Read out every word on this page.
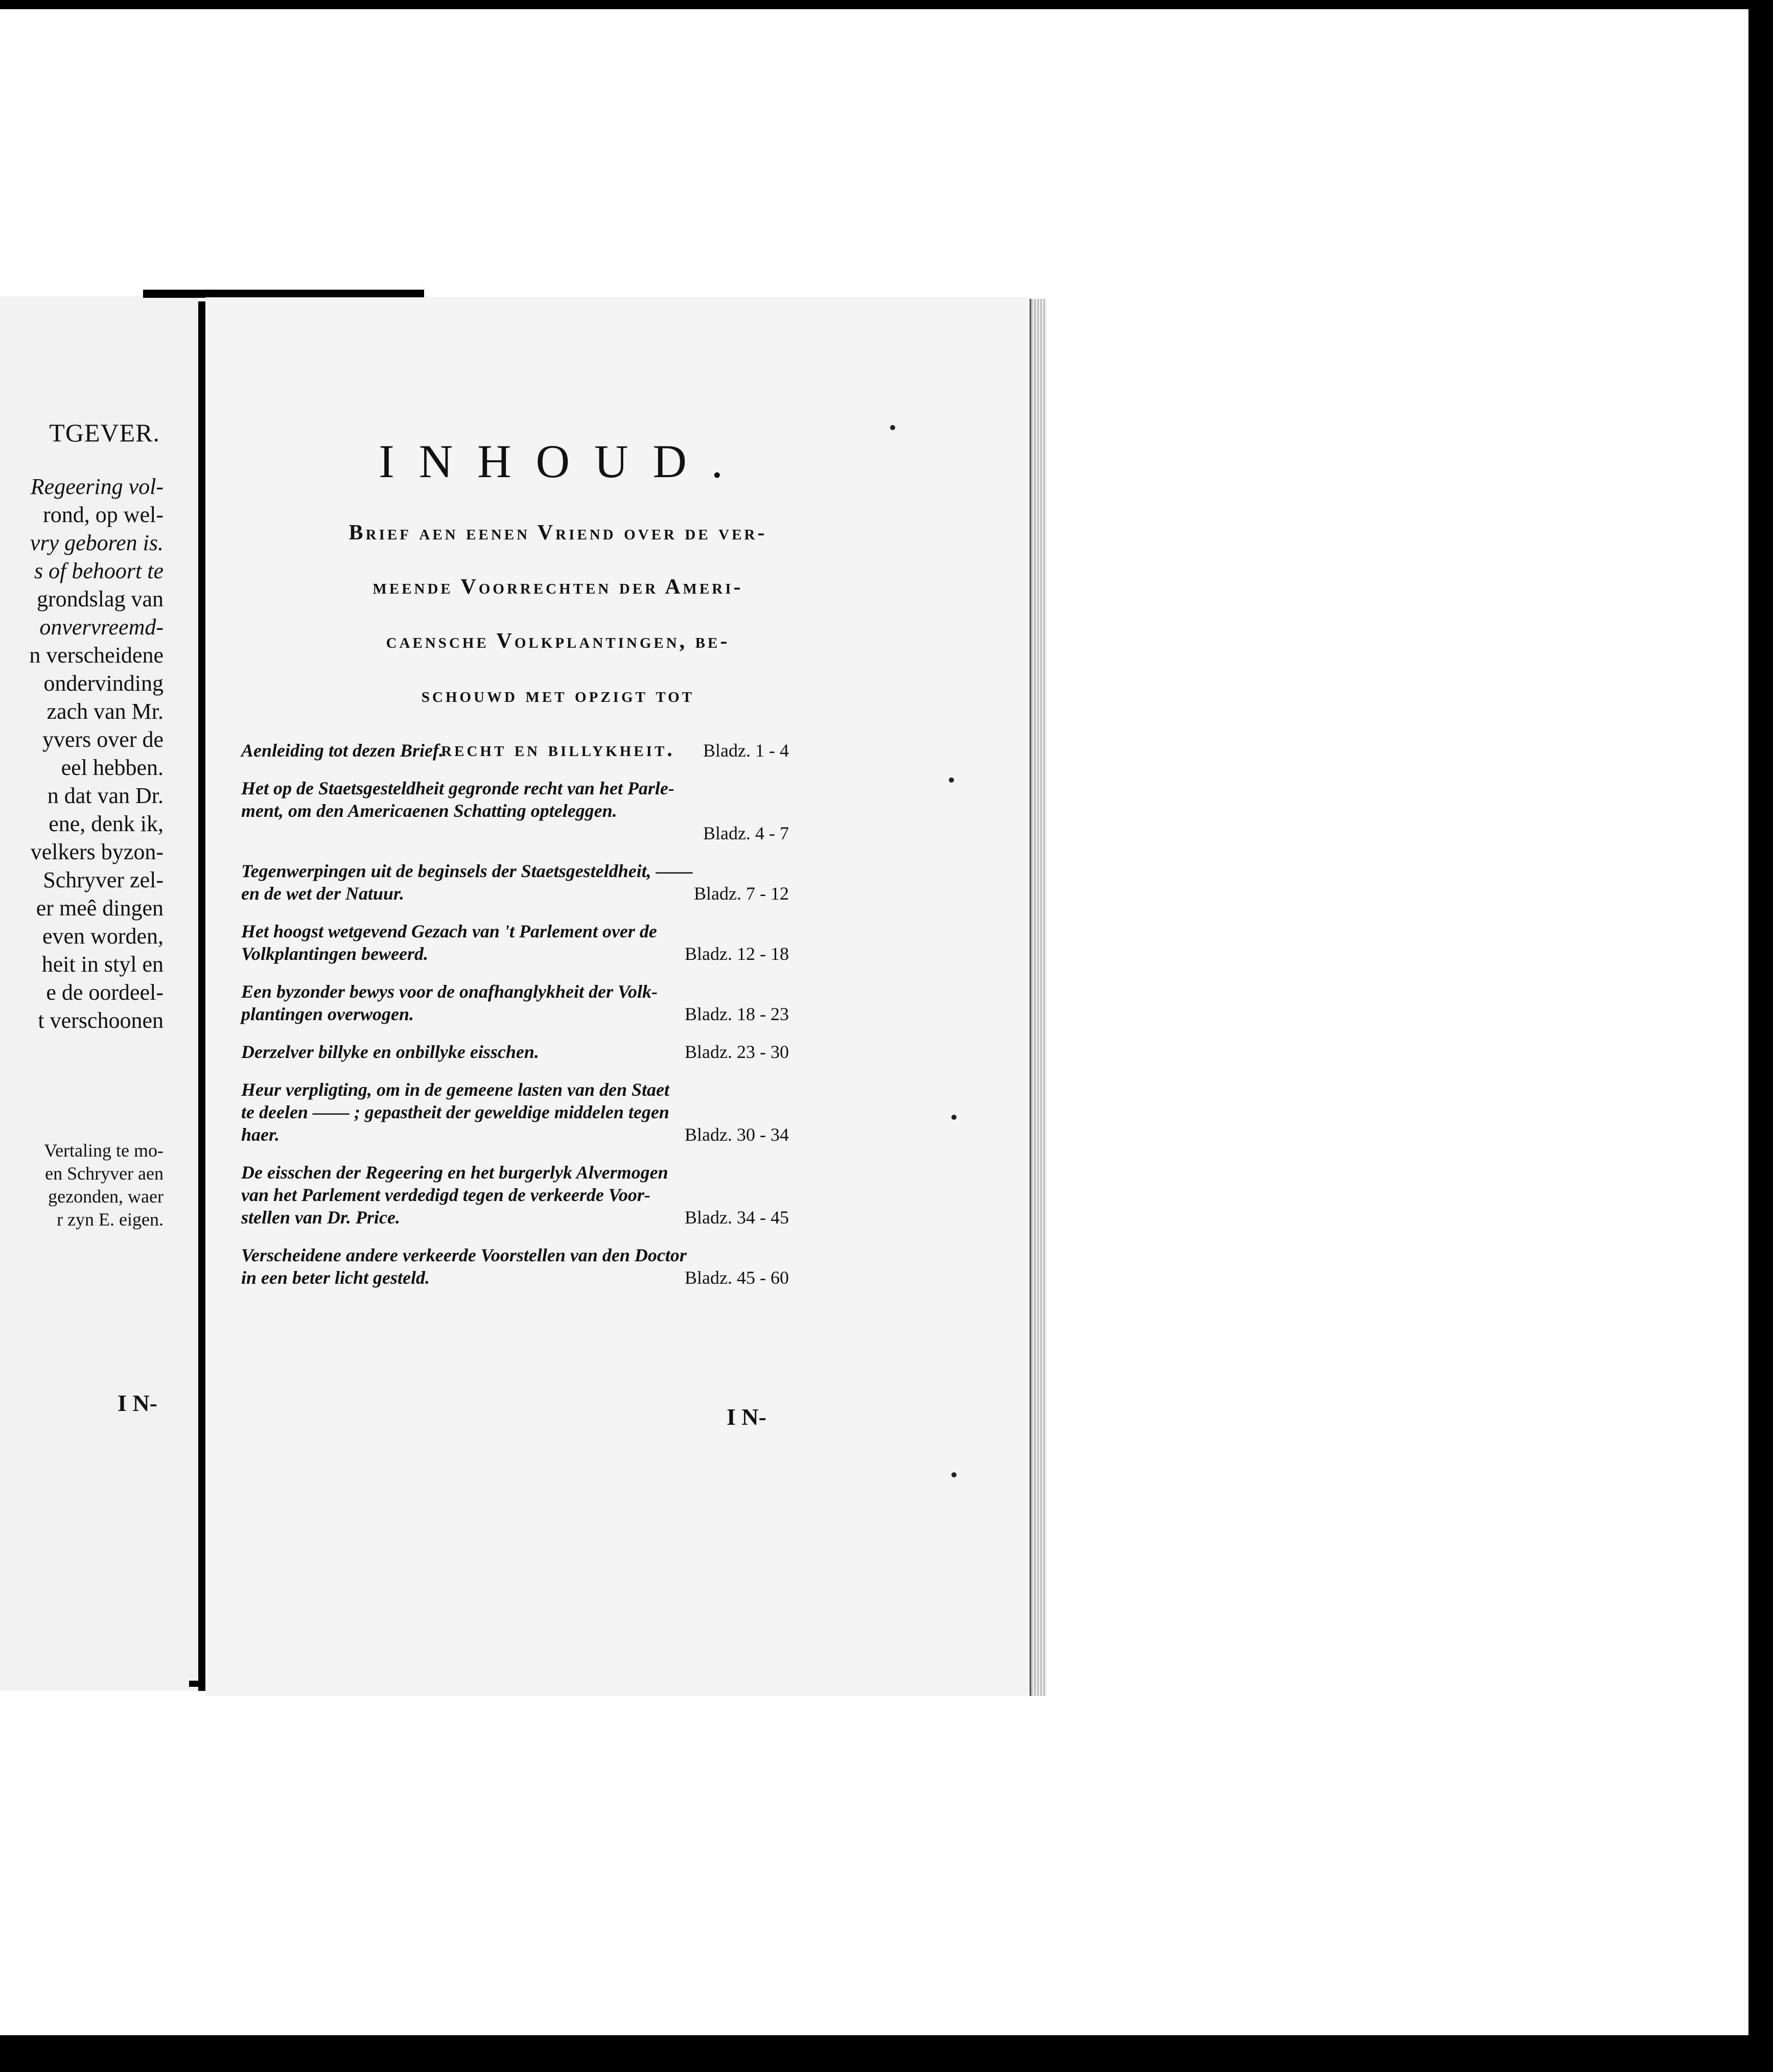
TGEVER.
Regeering vol-
rond, op wel-
vry geboren is.
s of behoort te
grondslag van
onvervreemd-
n verscheidene
ondervinding
zach van Mr.
yvers over de
eel hebben.
n dat van Dr.
ene, denk ik,
velkers byzon-
Schryver zel-
er meê dingen
even worden,
heit in styl en
e de oordeel-
t verschoonen
Vertaling te mo-
en Schryver aen
gezonden, waer
r zyn E. eigen.
I N-
INHOUD.
Brief aen eenen Vriend over de ver-
meende Voorrechten der Ameri-
caensche Volkplantingen, be-
schouwd met opzigt tot
recht en billykheit.
Aenleiding tot dezen Brief.	Bladz. 1 - 4
Het op de Staetsgesteldheit gegronde recht van het Parle-
ment, om den Americaenen Schatting opteleggen.
Bladz. 4 - 7
Tegenwerpingen uit de beginsels der Staetsgesteldheit, ——
en de wet der Natuur.	Bladz. 7 - 12
Het hoogst wetgevend Gezach van 't Parlement over de
Volkplantingen beweerd.	Bladz. 12 - 18
Een byzonder bewys voor de onafhanglykheit der Volk-
plantingen overwogen.	Bladz. 18 - 23
Derzelver billyke en onbillyke eisschen.	Bladz. 23 - 30
Heur verpligting, om in de gemeene lasten van den Staet
te deelen —— ; gepastheit der geweldige middelen tegen
haer.	Bladz. 30 - 34
De eisschen der Regeering en het burgerlyk Alvermogen
van het Parlement verdedigd tegen de verkeerde Voor-
stellen van Dr. Price.	Bladz. 34 - 45
Verscheidene andere verkeerde Voorstellen van den Doctor
in een beter licht gesteld.	Bladz. 45 - 60
I N-
